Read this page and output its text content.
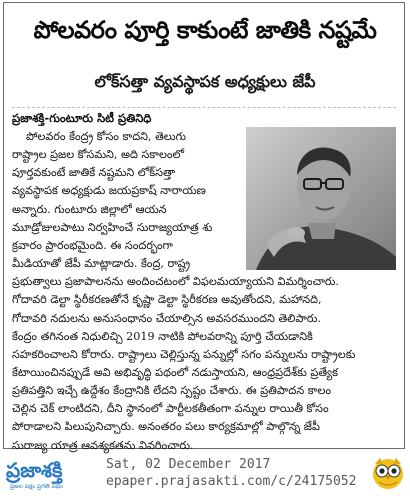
పోలవరం పూర్తి కాకుంటే జాతికి నష్టమే
లోక్‌సత్తా వ్యవస్థాపక అధ్యక్షులు జేపీ
ప్రజాశక్తి-గుంటూరు సిటీ ప్రతినిధి
పోలవరం కేంద్ర్ర కోసం కాదని, తెలుగు
రాష్ట్రాల ప్రజల కోసమని, అది సకాలంలో
పూర్తవకుంటే జాతికే నష్టమని లోక్‌సత్తా
వ్యవస్థాపక అధ్యక్షుడు జయప్రకాష్ నారాయణ
అన్నారు. గుంటూరు జిల్లాలో ఆయన
మూడ్రోజులపాటు నిర్వహించే సురాజ్యయాత్ర శు
క్రవారం ప్రారంభమైంది. ఈ సందర్భంగా
మీడియాతో జేపీ మాట్లాడారు. కేంద్ర, రాష్ట్ర
ప్రభుత్వాలు ప్రజాపాలనను అందించటంలో విఫలమయ్యాయని విమర్శించారు.
గోదావరి డెల్టా స్థిరీకరణతోనే కృష్ణా డెల్టా స్థిరీకరణ అవుతోందని, మహానది,
గోదావరి నదులను అనుసంధానం చేయాల్సిన అవసరముందని తెలిపారు.
కేంద్రం తగినంత నిధులిచ్చి 2019 నాటికి పోలవరాన్ని పూర్తి చేయడానికి
సహకరించాలని కోరారు. రాష్ట్రాలు చెల్లిస్తున్న పన్నుల్లో సగం పన్నులను రాష్ట్రాలకు
కేటాయించినప్పుడే అవి అభివృద్ధి పథంలో నడుస్తాయని, ఆంధ్రప్రదేశ్‌కు ప్రత్యేక
ప్రతిపత్తిని ఇచ్చే ఉద్దేశం కేంద్రానికి లేదని స్పష్టం చేశారు. ఈ ప్రతిపాదన కాలం
చెల్లిన చెక్ లాంటిదని, దీని స్థానంలో పార్టీలకతీతంగా పన్నుల రాయితీ కోసం
పోరాడాలని పిలుపునిచ్చారు. అనంతరం పలు కార్యక్రమాల్లో పాల్గొన్న జేపీ
సురాజ్య యాత్ర ఆవశ్యకతను వివరించారు.
ప్రజాశక్తి
ప్రజల పక్షం ప్రగతి పథం
Sat, 02 December 2017
epaper.prajasakti.com/c/24175052
